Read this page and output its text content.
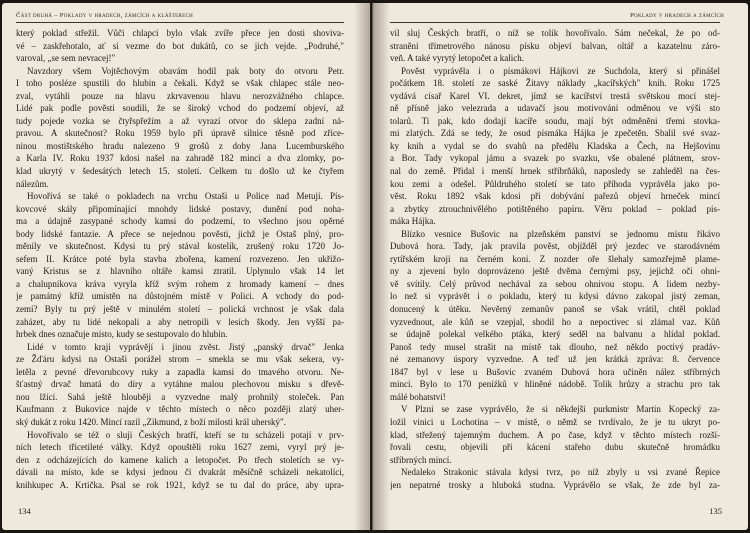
Část druhá – Poklady v hradech, zámcích a klášterech
který poklad střežil. Vůči chlapci bylo však zvíře přece jen dosti shoviva-
vé – zaskřehotalo, ať si vezme do bot dukátů, co se jich vejde. „Podruhé,"
varoval, „se sem nevracej!"
Navzdory všem Vojtěchovým obavám hodil pak boty do otvoru Petr.
I toho posléze spustili do hlubin a čekali. Když se však chlapec stále neo-
zval, vytáhli pouze na hlavu zkrvavenou hlavu nerozvážného chlapce.
Lidé pak podle pověsti soudili, že se široký vchod do podzemí objeví, až
tudy pojede vozka se čtyřspřežím a až vyrazí otvor do sklepa zadní ná-
pravou. A skutečnost? Roku 1959 bylo při úpravě silnice těsně pod zříce-
ninou mostištského hradu nalezeno 9 grošů z doby Jana Lucemburského
a Karla IV. Roku 1937 kdosi našel na zahradě 182 mincí a dva zlomky, po-
klad ukrytý v šedesátých letech 15. století. Celkem tu došlo už ke čtyřem
nálezům.
Hovořívá se také o pokladech na vrchu Ostaši u Police nad Metují. Pís-
kovcové skály připomínající mnohdy lidské postavy, dunění pod noha-
ma a údajně zasypané schody kamsi do podzemí, to všechno jsou opěrné
body lidské fantazie. A přece se nejednou pověsti, jichž je Ostaš plný, pro-
měnily ve skutečnost. Kdysi tu prý stával kostelík, zrušený roku 1720 Jo-
sefem II. Krátce poté byla stavba zbořena, kamení rozvezeno. Jen ukřižo-
vaný Kristus se z hlavního oltáře kamsi ztratil. Uplynulo však 14 let
a chalupníkova kráva vyryla kříž svým rohem z hromady kamení – dnes
je památný kříž umístěn na důstojném místě v Polici. A vchody do pod-
zemí? Byly tu prý ještě v minulém století – polická vrchnost je však dala
zaházet, aby tu lidé nekopali a aby netropili v lesích škody. Jen vyšší pa-
hrbek dnes označuje místo, kudy se sestupovalo do hlubin.
Lidé v tomto kraji vyprávějí i jinou zvěst. Jistý „panský drvač" Jenka
ze Žďáru kdysi na Ostaši porážel strom – smekla se mu však sekera, vy-
letěla z pevné dřevorubcovy ruky a zapadla kamsi do tmavého otvoru. Ne-
šťastný drvač hmatá do díry a vytáhne malou plechovou misku s dřevě-
nou lžící. Sahá ještě hlouběji a vyzvedne malý prohnilý stoleček. Pan
Kaufmann z Bukovice najde v těchto místech o něco později zlatý uher-
ský dukát z roku 1420. Mincí razil „Zikmund, z boží milosti král uherský".
Hovořívalo se též o sluji Českých bratří, kteří se tu scházeli potají v prv-
ních letech třicetileté války. Když opouštěli roku 1627 zemi, vyryl prý je-
den z odcházejících do kamene kalich a letopočet. Po třech stoletích se vy-
dávali na místo, kde se kdysi jednou či dvakrát měsíčně scházeli nekatolíci,
knihkupec A. Krtička. Psal se rok 1921, když se tu dal do práce, aby upra-
134
Poklady v hradech a zámcích
vil sluj Českých bratří, o níž se tolik hovořívalo. Sám nečekal, že po od-
stranění třímetrového nánosu písku objeví balvan, oltář a kazatelnu záro-
veň. A také vyrytý letopočet a kalich.
Pověst vyprávěla i o písmákovi Hájkovi ze Suchdola, který si přinášel
počátkem 18. století ze saské Žitavy náklady „kacířských" knih. Roku 1725
vydává císař Karel VI. dekret, jímž se kacířství trestá světskou mocí stej-
ně přísně jako velezrada a udavačí jsou motivováni odměnou ve výši sto
tolarů. Ti pak, kdo dodají kacíře soudu, mají být odměněni třemi stovka-
mi zlatých. Zdá se tedy, že osud písmáka Hájka je zpečetěn. Sbalil své svaz-
ky knih a vydal se do svahů na předělu Kladska a Čech, na Hejšovinu
a Bor. Tady vykopal jámu a svazek po svazku, vše obalené plátnem, srov-
nal do země. Přidal i menší hrnek stříbrňáků, naposledy se zahleděl na čes-
kou zemi a odešel. Půldruhého století se tato příhoda vyprávěla jako po-
věst. Roku 1892 však kdosi při dobývání pařezů objeví hrneček mincí
a zbytky ztrouchnivělého potištěného papíru. Věru poklad – poklad pís-
máka Hájka.
Blízko vesnice Bušovic na plzeňském panství se jednomu místu říkávo
Dubová hora. Tady, jak pravila pověst, objížděl prý jezdec ve starodávném
rytířském kroji na černém koni. Z nozder oře šlehaly samozřejmě plame-
ny a zjevení bylo doprovázeno ještě dvěma černými psy, jejichž oči ohni-
vě svítily. Celý průvod nechával za sebou ohnivou stopu. A lidem nezby-
lo než si vyprávět i o pokladu, který tu kdysi dávno zakopal jistý zeman,
donucený k útěku. Nevěrný zemanův panoš se však vrátil, chtěl poklad
vyzvednout, ale kůň se vzepjal, shodil ho a nepoctivec si zlámal vaz. Kůň
se údajně polekal velkého ptáka, který seděl na balvanu a hlídal poklad.
Panoš tedy musel strašit na místě tak dlouho, než někdo poctivý pradáv-
né zemanovy úspory vyzvedne. A teď už jen krátká zpráva: 8. července
1847 byl v lese u Bušovic zvaném Dubová hora učiněn nález stříbrných
mincí. Bylo to 170 peníźků v hliněné nádobě. Tolik hrůzy a strachu pro tak
málé bohatství!
V Plzni se zase vyprávělo, že si někdejší purkmistr Martin Kopecký za-
ložil vinici u Lochotína – v místě, o němž se tvrdívalo, že je tu ukryt po-
klad, střežený tajemným duchem. A po čase, když v těchto místech rozší-
řovali cestu, objevili při kácení stařeho dubu skutečně hromádku
stříbrných mincí.
Nedaleko Strakonic stávala kdysi tvrz, po níž zbyly u vsi zvané Řepice
jen nepatrné trosky a hluboká studna. Vyprávělo se však, že zde byl za-
135
